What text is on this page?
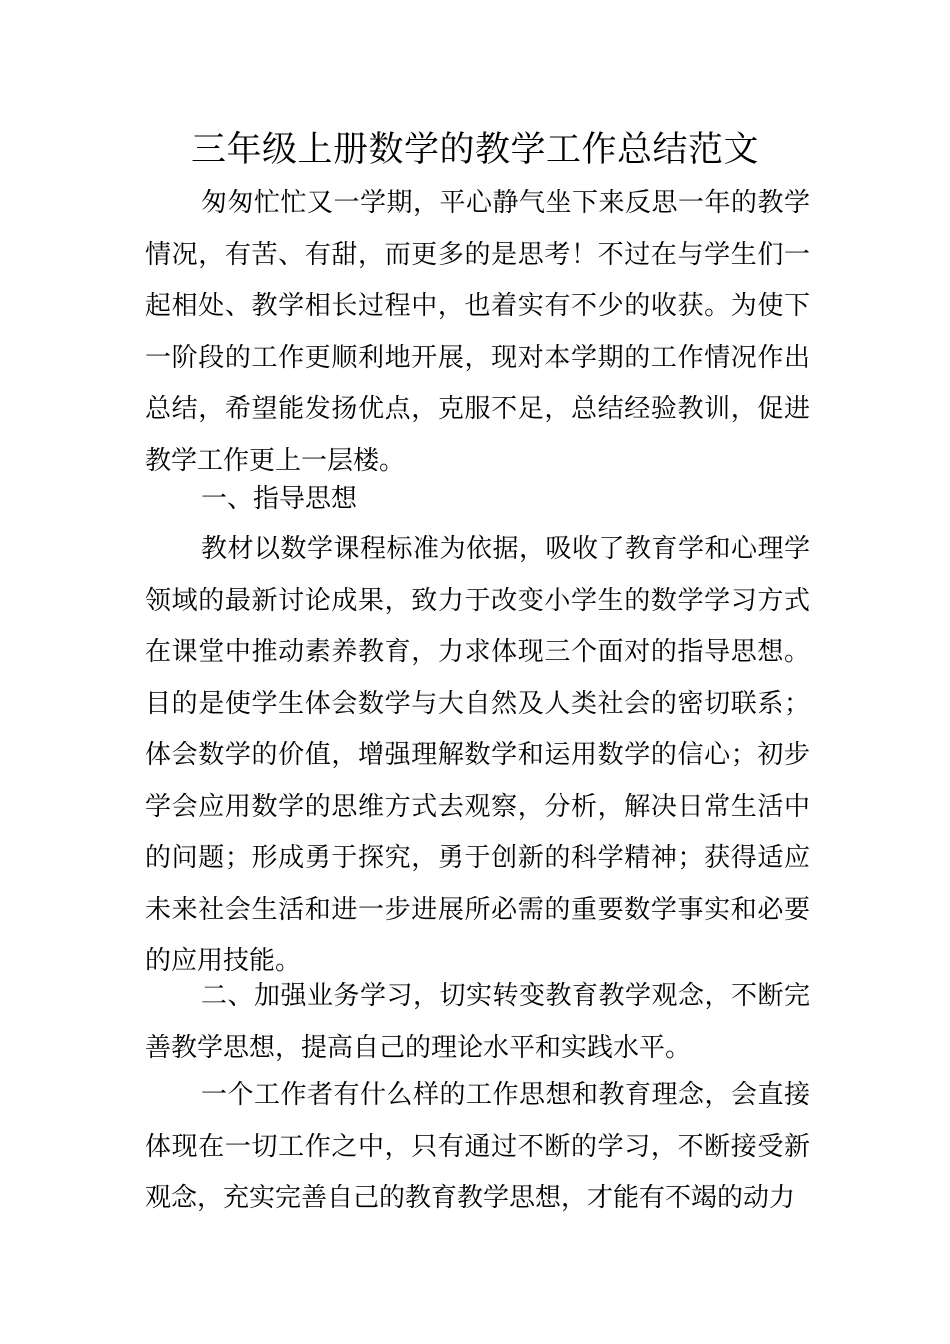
三年级上册数学的教学工作总结范文

匆匆忙忙又一学期，平心静气坐下来反思一年的教学情况，有苦、有甜，而更多的是思考！不过在与学生们一起相处、教学相长过程中，也着实有不少的收获。为使下一阶段的工作更顺利地开展，现对本学期的工作情况作出总结，希望能发扬优点，克服不足，总结经验教训，促进教学工作更上一层楼。

一、指导思想

教材以数学课程标准为依据，吸收了教育学和心理学领域的最新讨论成果，致力于改变小学生的数学学习方式在课堂中推动素养教育，力求体现三个面对的指导思想。目的是使学生体会数学与大自然及人类社会的密切联系；体会数学的价值，增强理解数学和运用数学的信心；初步学会应用数学的思维方式去观察，分析，解决日常生活中的问题；形成勇于探究，勇于创新的科学精神；获得适应未来社会生活和进一步进展所必需的重要数学事实和必要的应用技能。

二、加强业务学习，切实转变教育教学观念，不断完善教学思想，提高自己的理论水平和实践水平。

一个工作者有什么样的工作思想和教育理念，会直接体现在一切工作之中，只有通过不断的学习，不断接受新观念，充实完善自己的教育教学思想，才能有不竭的动力
